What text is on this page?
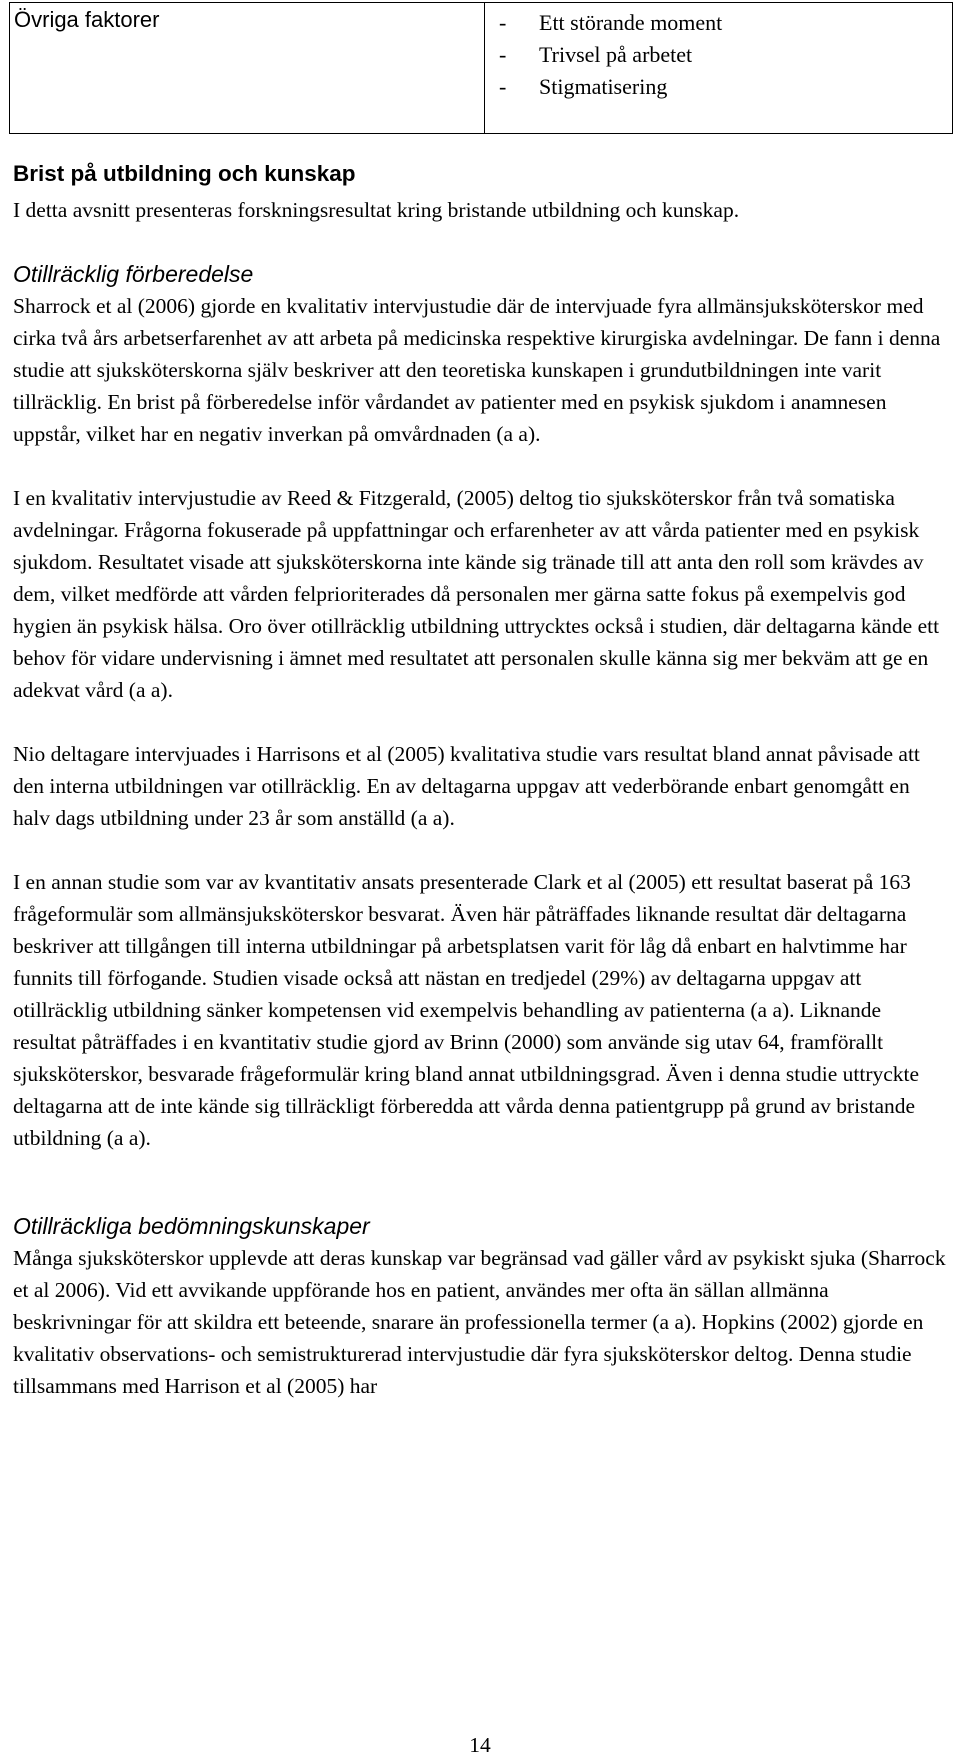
Övriga faktorer	- Ett störande moment
- Trivsel på arbetet
- Stigmatisering
Brist på utbildning och kunskap

I detta avsnitt presenteras forskningsresultat kring bristande utbildning och kunskap.

Otillräcklig förberedelse

Sharrock et al (2006) gjorde en kvalitativ intervjustudie där de intervjuade fyra allmänsjuksköterskor med cirka två års arbetserfarenhet av att arbeta på medicinska respektive kirurgiska avdelningar. De fann i denna studie att sjuksköterskorna själv beskriver att den teoretiska kunskapen i grundutbildningen inte varit tillräcklig. En brist på förberedelse inför vårdandet av patienter med en psykisk sjukdom i anamnesen uppstår, vilket har en negativ inverkan på omvårdnaden (a a).

I en kvalitativ intervjustudie av Reed & Fitzgerald, (2005) deltog tio sjuksköterskor från två somatiska avdelningar. Frågorna fokuserade på uppfattningar och erfarenheter av att vårda patienter med en psykisk sjukdom. Resultatet visade att sjuksköterskorna inte kände sig tränade till att anta den roll som krävdes av dem, vilket medförde att vården felprioriterades då personalen mer gärna satte fokus på exempelvis god hygien än psykisk hälsa. Oro över otillräcklig utbildning uttrycktes också i studien, där deltagarna kände ett behov för vidare undervisning i ämnet med resultatet att personalen skulle känna sig mer bekväm att ge en adekvat vård (a a).

Nio deltagare intervjuades i Harrisons et al (2005) kvalitativa studie vars resultat bland annat påvisade att den interna utbildningen var otillräcklig. En av deltagarna uppgav att vederbörande enbart genomgått en halv dags utbildning under 23 år som anställd (a a).

I en annan studie som var av kvantitativ ansats presenterade Clark et al (2005) ett resultat baserat på 163 frågeformulär som allmänsjuksköterskor besvarat. Även här påträffades liknande resultat där deltagarna beskriver att tillgången till interna utbildningar på arbetsplatsen varit för låg då enbart en halvtimme har funnits till förfogande. Studien visade också att nästan en tredjedel (29%) av deltagarna uppgav att otillräcklig utbildning sänker kompetensen vid exempelvis behandling av patienterna (a a). Liknande resultat påträffades i en kvantitativ studie gjord av Brinn (2000) som använde sig utav 64, framförallt sjuksköterskor, besvarade frågeformulär kring bland annat utbildningsgrad. Även i denna studie uttryckte deltagarna att de inte kände sig tillräckligt förberedda att vårda denna patientgrupp på grund av bristande utbildning (a a).

Otillräckliga bedömningskunskaper

Många sjuksköterskor upplevde att deras kunskap var begränsad vad gäller vård av psykiskt sjuka (Sharrock et al 2006). Vid ett avvikande uppförande hos en patient, användes mer ofta än sällan allmänna beskrivningar för att skildra ett beteende, snarare än professionella termer (a a). Hopkins (2002) gjorde en kvalitativ observations- och semistrukturerad intervjustudie där fyra sjuksköterskor deltog. Denna studie tillsammans med Harrison et al (2005) har

14
